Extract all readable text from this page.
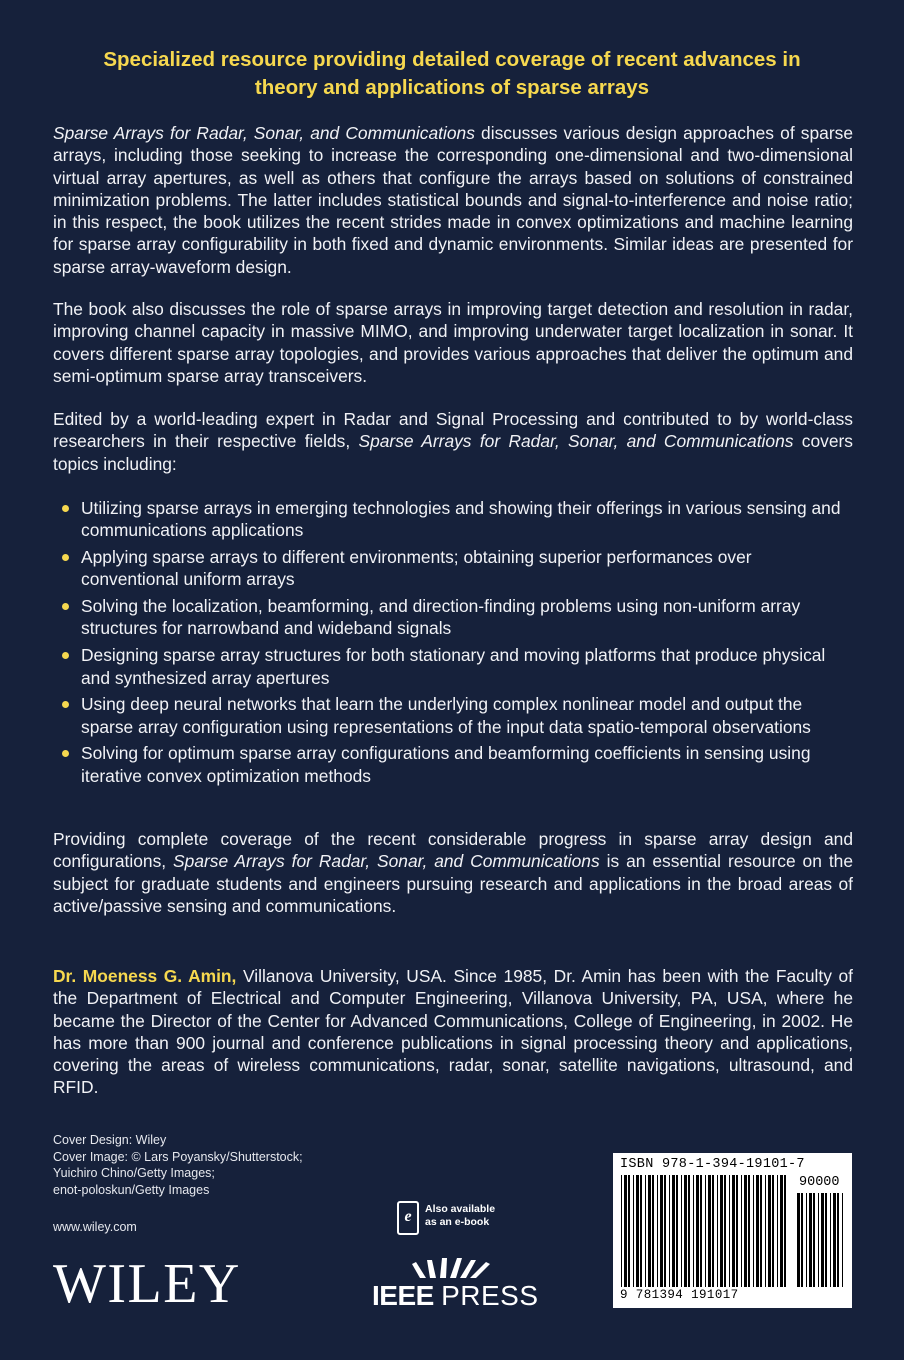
Specialized resource providing detailed coverage of recent advances in
theory and applications of sparse arrays

Sparse Arrays for Radar, Sonar, and Communications discusses various design approaches of sparse arrays, including those seeking to increase the corresponding one-dimensional and two-dimensional virtual array apertures, as well as others that configure the arrays based on solutions of constrained minimization problems. The latter includes statistical bounds and signal-to-interference and noise ratio; in this respect, the book utilizes the recent strides made in convex optimizations and machine learning for sparse array configurability in both fixed and dynamic environments. Similar ideas are presented for sparse array-waveform design.

The book also discusses the role of sparse arrays in improving target detection and resolution in radar, improving channel capacity in massive MIMO, and improving underwater target localization in sonar. It covers different sparse array topologies, and provides various approaches that deliver the optimum and semi-optimum sparse array transceivers.

Edited by a world-leading expert in Radar and Signal Processing and contributed to by world-class researchers in their respective fields, Sparse Arrays for Radar, Sonar, and Communications covers topics including:

Utilizing sparse arrays in emerging technologies and showing their offerings in various sensing and communications applications
Applying sparse arrays to different environments; obtaining superior performances over conventional uniform arrays
Solving the localization, beamforming, and direction-finding problems using non-uniform array structures for narrowband and wideband signals
Designing sparse array structures for both stationary and moving platforms that produce physical and synthesized array apertures
Using deep neural networks that learn the underlying complex nonlinear model and output the sparse array configuration using representations of the input data spatio-temporal observations
Solving for optimum sparse array configurations and beamforming coefficients in sensing using iterative convex optimization methods

Providing complete coverage of the recent considerable progress in sparse array design and configurations, Sparse Arrays for Radar, Sonar, and Communications is an essential resource on the subject for graduate students and engineers pursuing research and applications in the broad areas of active/passive sensing and communications.

Dr. Moeness G. Amin, Villanova University, USA. Since 1985, Dr. Amin has been with the Faculty of the Department of Electrical and Computer Engineering, Villanova University, PA, USA, where he became the Director of the Center for Advanced Communications, College of Engineering, in 2002. He has more than 900 journal and conference publications in signal processing theory and applications, covering the areas of wireless communications, radar, sonar, satellite navigations, ultrasound, and RFID.

Cover Design: Wiley
Cover Image: © Lars Poyansky/Shutterstock;
Yuichiro Chino/Getty Images;
enot-poloskun/Getty Images
www.wiley.com
WILEY
e	Also available
as an e-book
IEEE PRESS
ISBN 978-1-394-19101-7
90000
9 781394 191017
